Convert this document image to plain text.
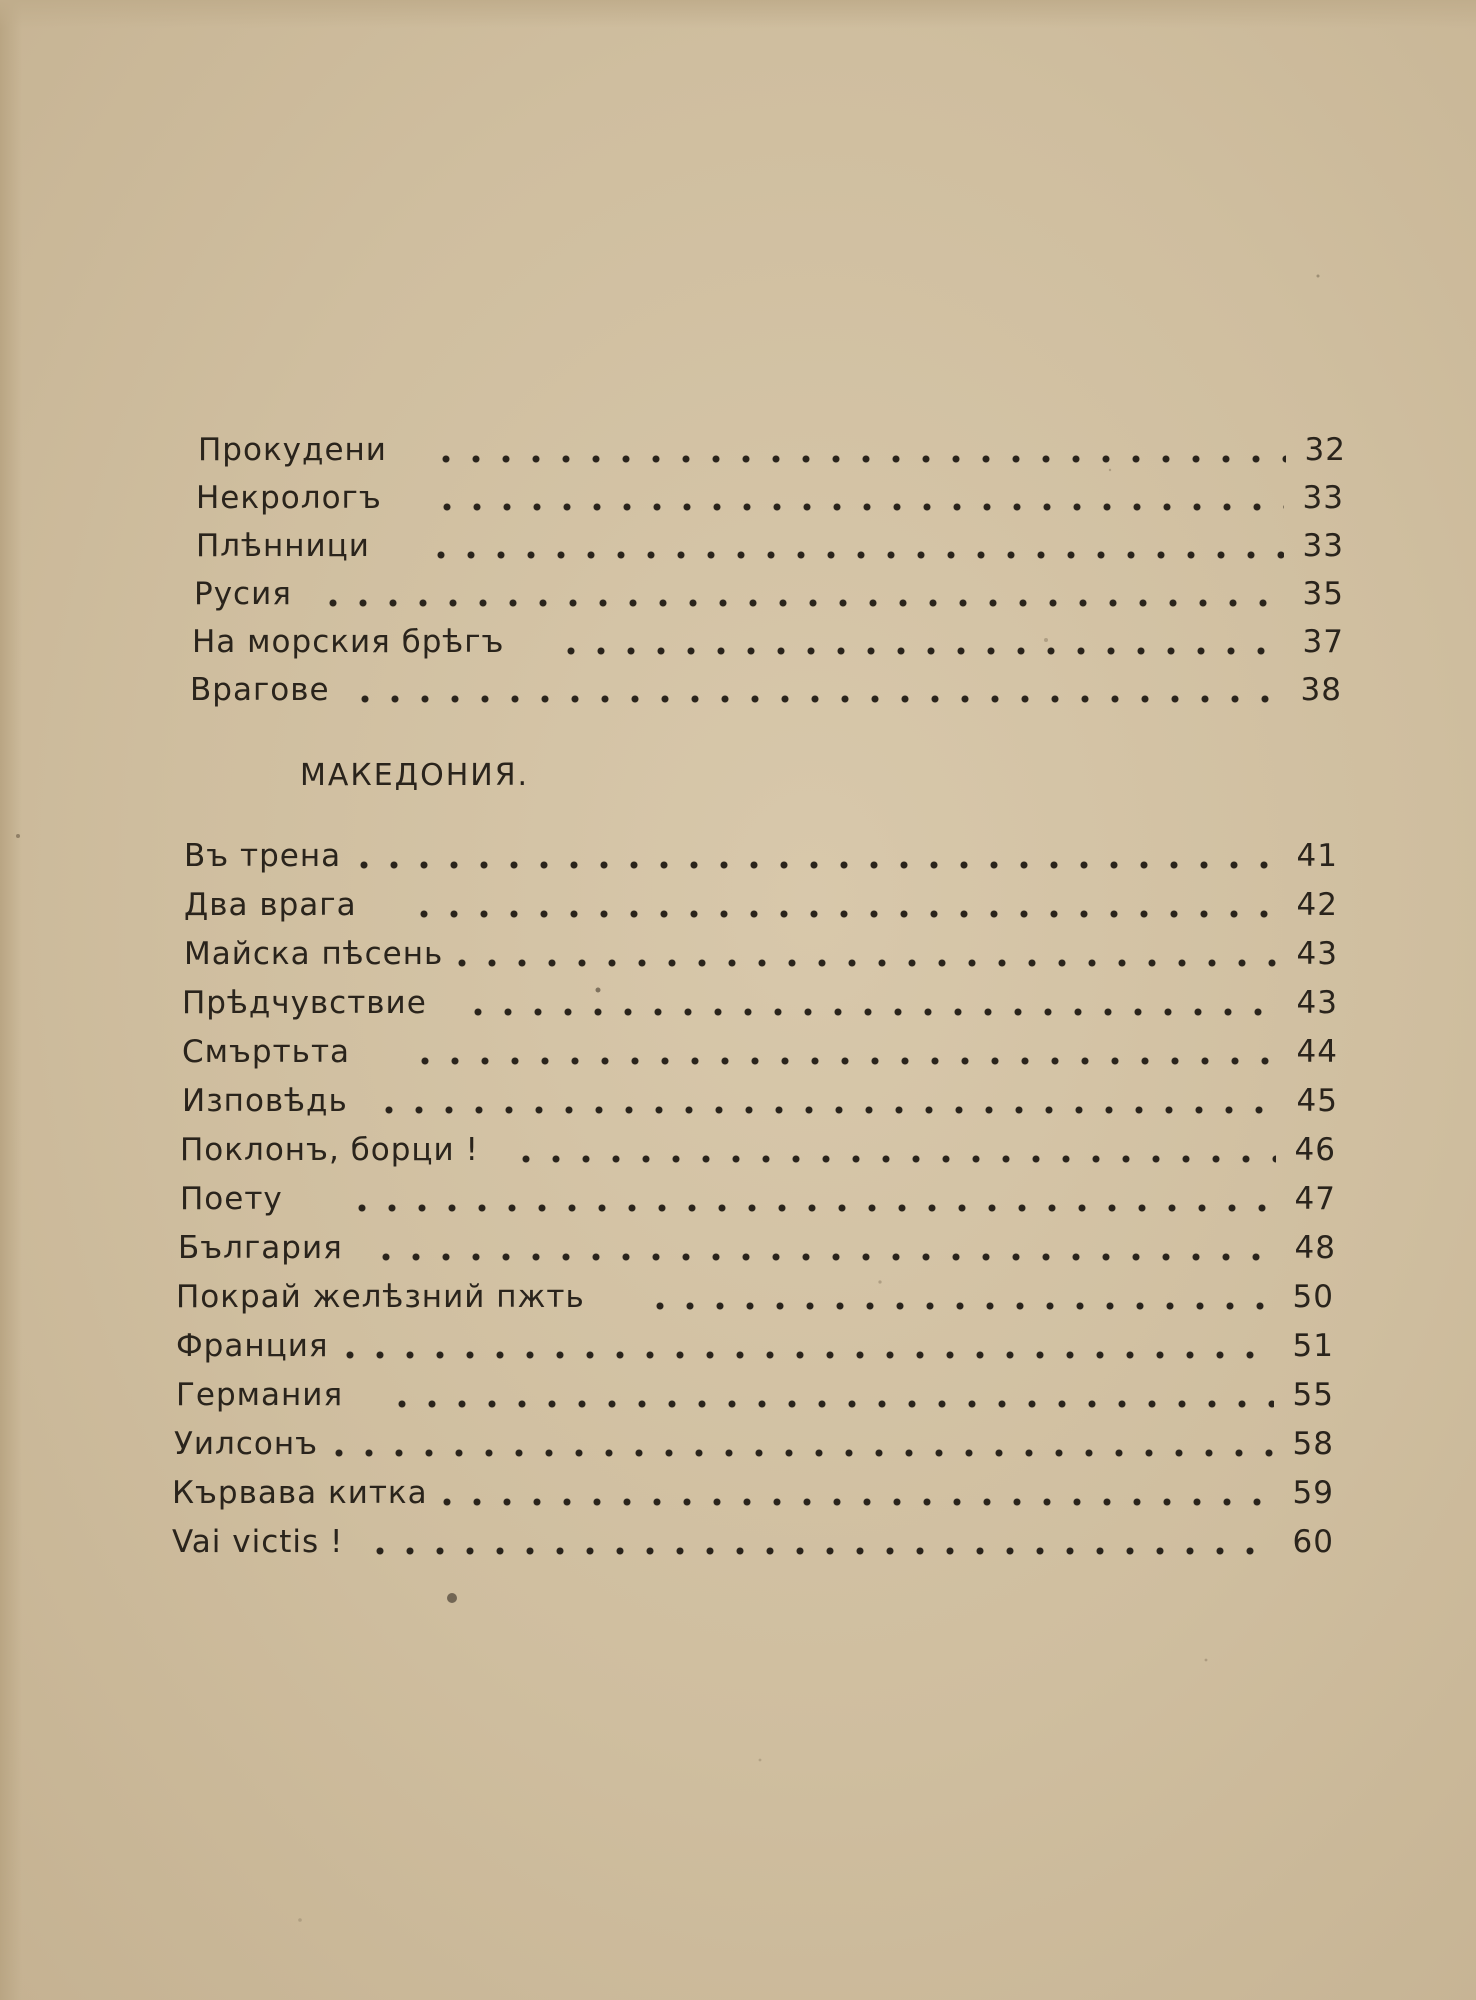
Прокудени	32
Некрологъ	33
Плѣнници	33
Русия	35
На морския брѣгъ	37
Врагове	38
МАКЕДОНИЯ.
Въ трена	41
Два врага	42
Майска пѣсень	43
Прѣдчувствие	43
Смъртьта	44
Изповѣдь	45
Поклонъ, борци !	46
Поету	47
България	48
Покрай желѣзний пжть	50
Франция	51
Германия	55
Уилсонъ	58
Кървава китка	59
Vai victis !	60
